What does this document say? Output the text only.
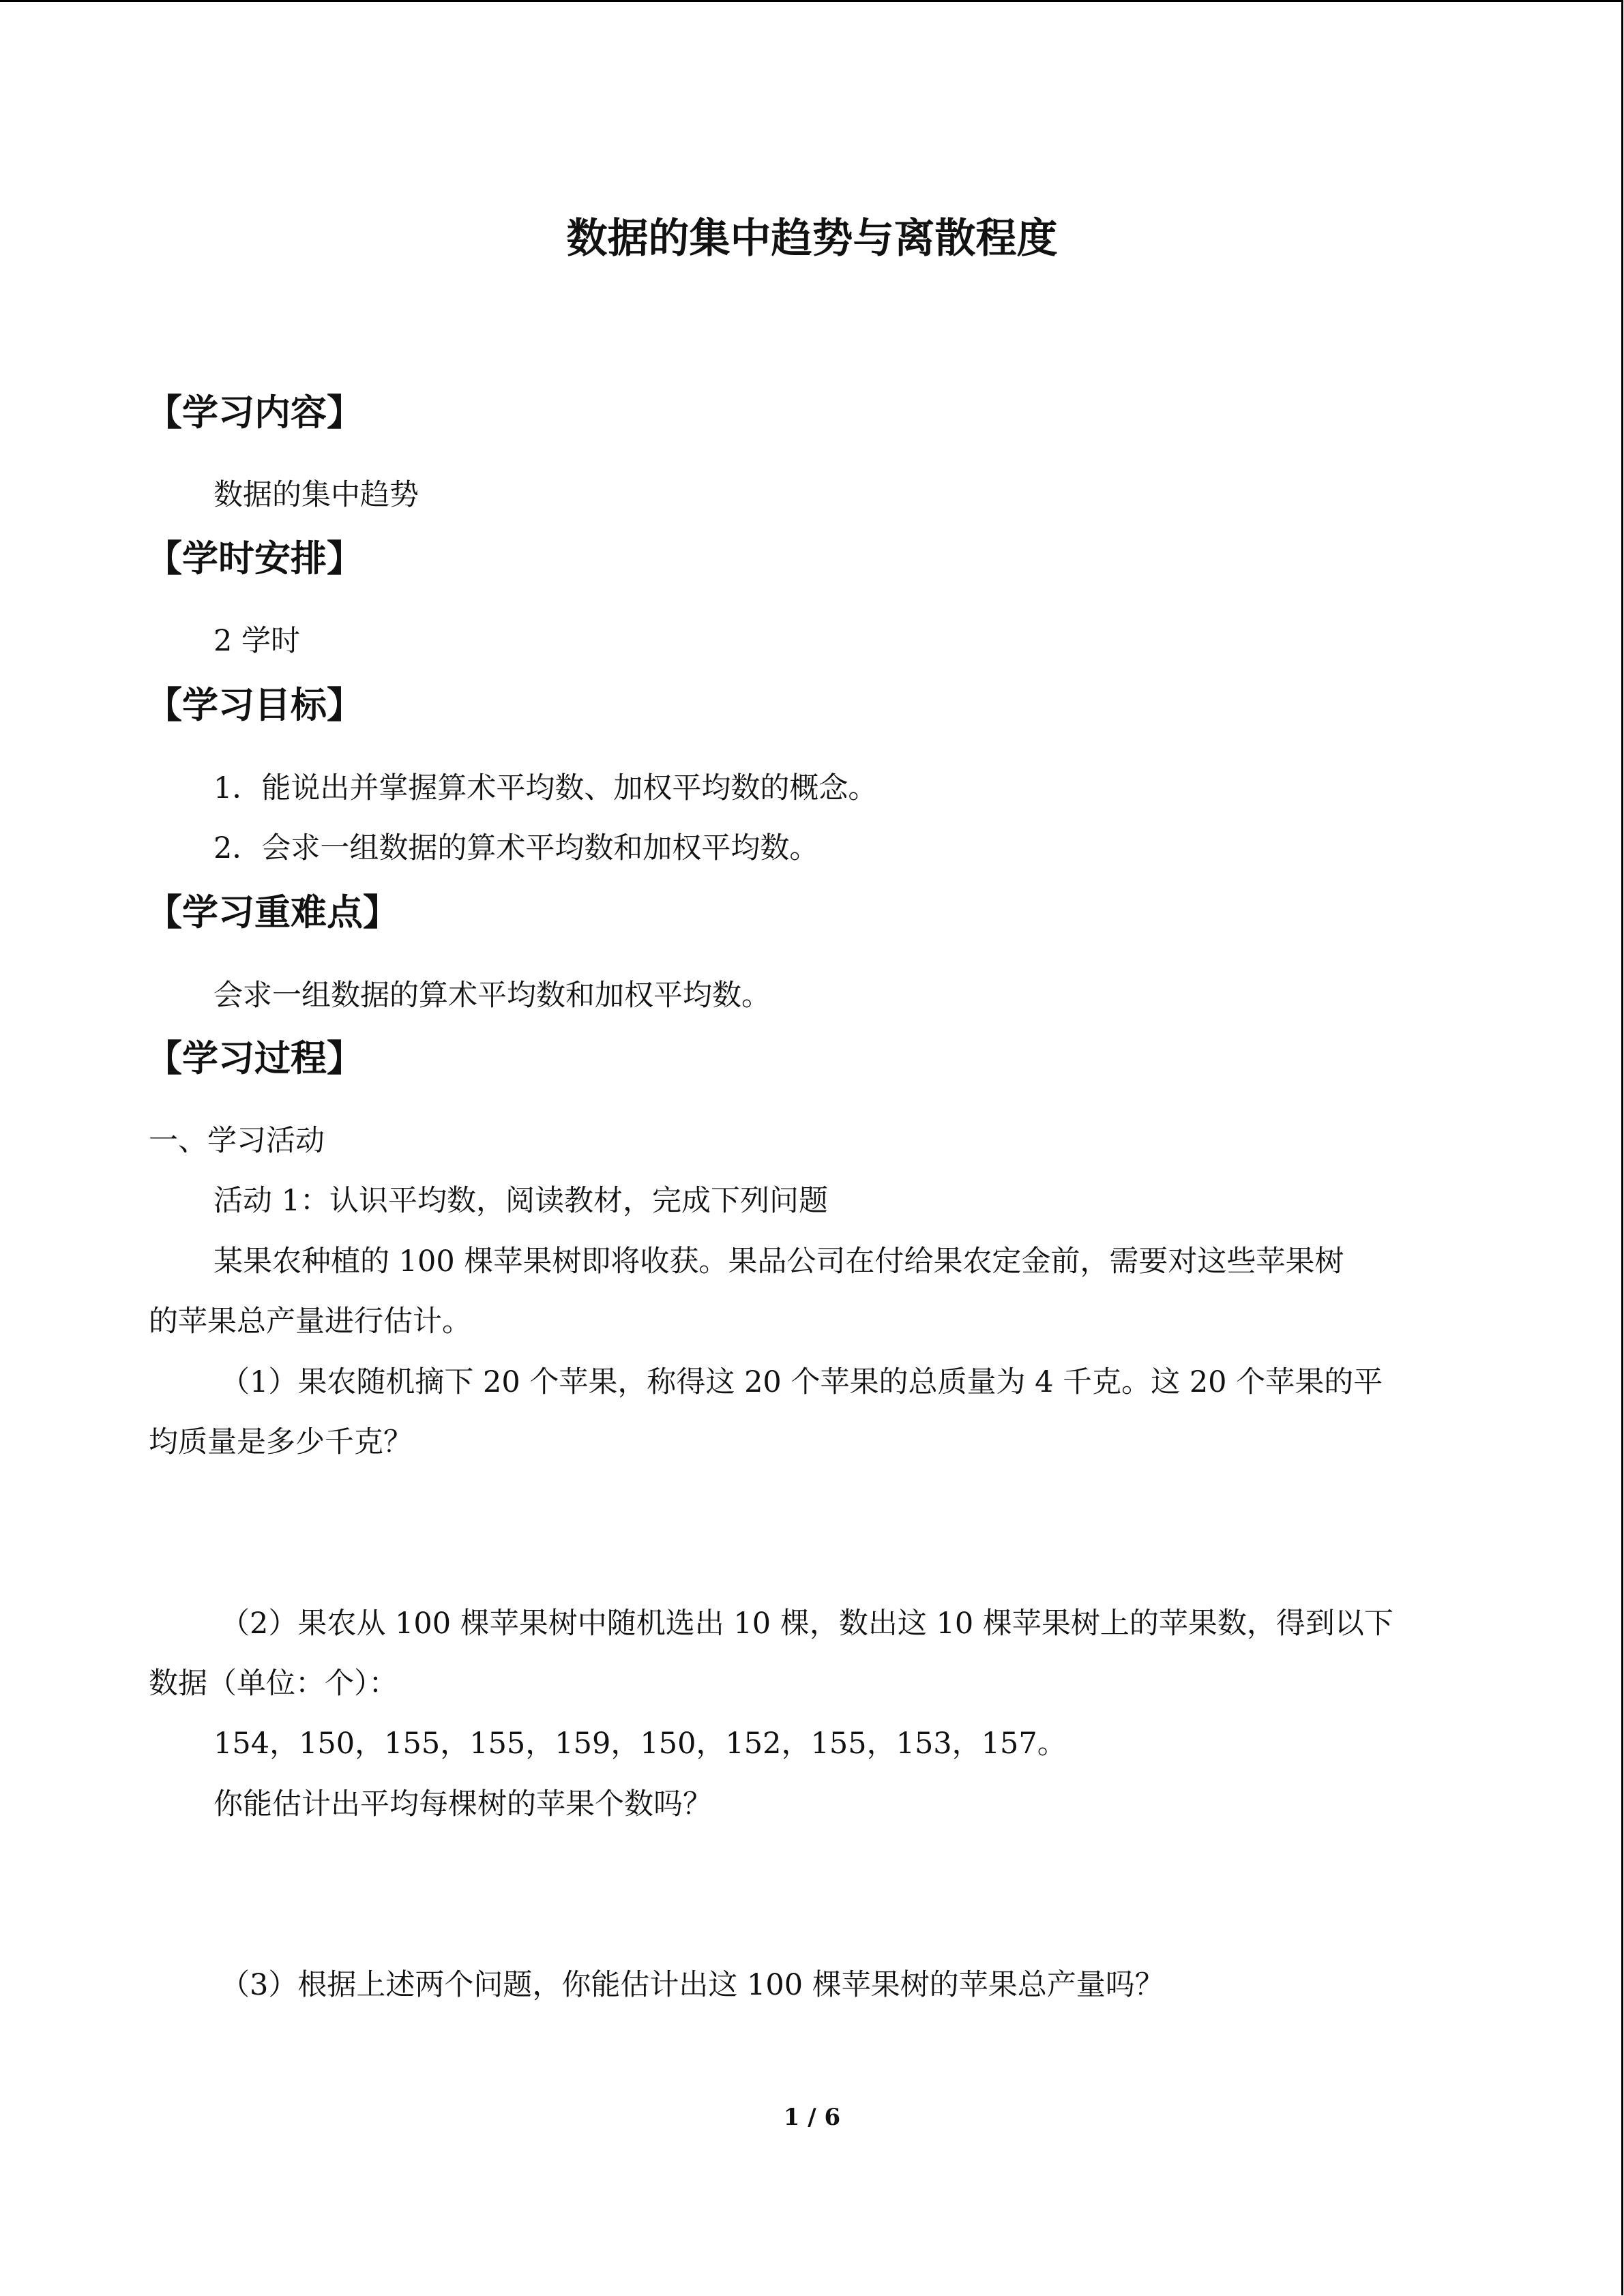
数据的集中趋势与离散程度
【学习内容】
数据的集中趋势
【学时安排】
2 学时
【学习目标】
1．能说出并掌握算术平均数、加权平均数的概念。
2．会求一组数据的算术平均数和加权平均数。
【学习重难点】
会求一组数据的算术平均数和加权平均数。
【学习过程】
一、学习活动
活动 1：认识平均数，阅读教材，完成下列问题
某果农种植的 100 棵苹果树即将收获。果品公司在付给果农定金前，需要对这些苹果树
的苹果总产量进行估计。
（1）果农随机摘下 20 个苹果，称得这 20 个苹果的总质量为 4 千克。这 20 个苹果的平
均质量是多少千克？
（2）果农从 100 棵苹果树中随机选出 10 棵，数出这 10 棵苹果树上的苹果数，得到以下
数据（单位：个）：
154，150，155，155，159，150，152，155，153，157。
你能估计出平均每棵树的苹果个数吗？
（3）根据上述两个问题，你能估计出这 100 棵苹果树的苹果总产量吗？
1 / 6
